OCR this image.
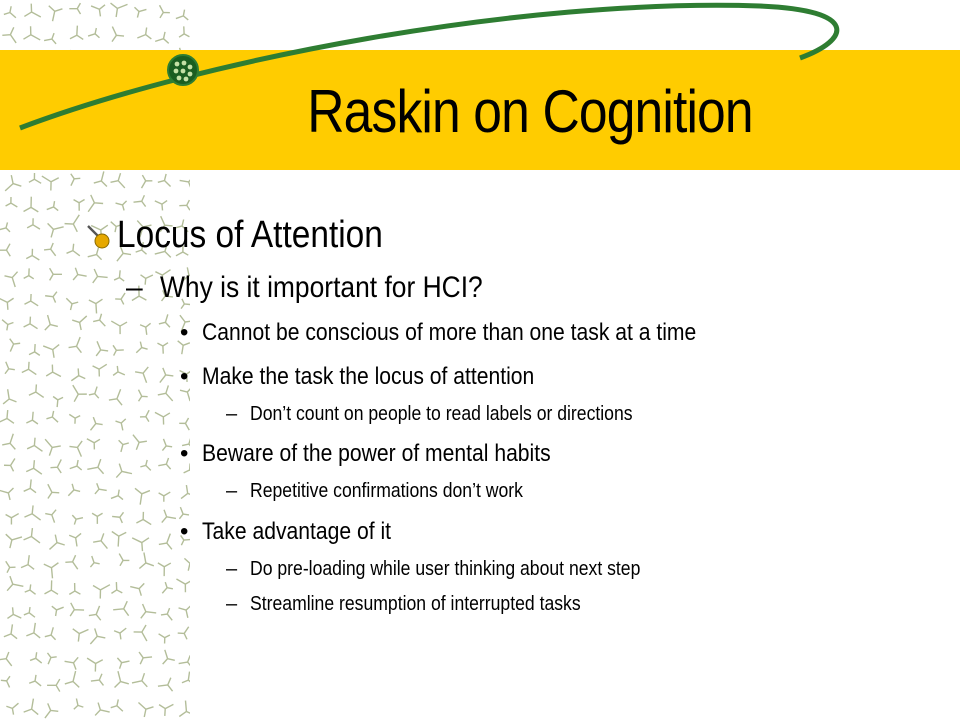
Raskin on Cognition
Locus of Attention
– Why is it important for HCI?
• Cannot be conscious of more than one task at a time
• Make the task the locus of attention
– Don’t count on people to read labels or directions
• Beware of the power of mental habits
– Repetitive confirmations don’t work
• Take advantage of it
– Do pre-loading while user thinking about next step
– Streamline resumption of interrupted tasks
